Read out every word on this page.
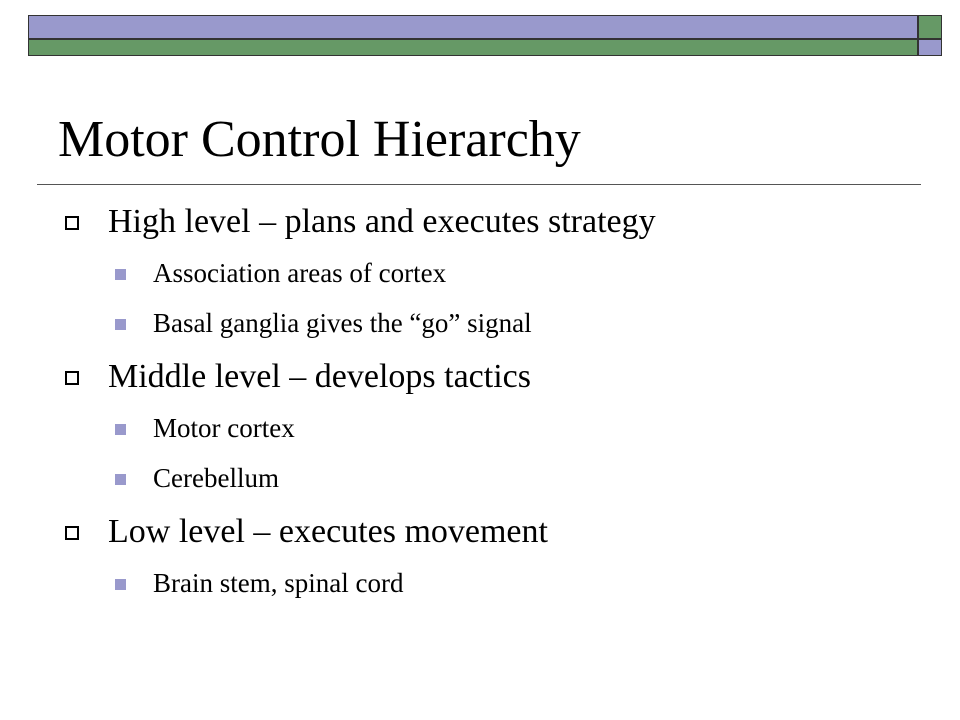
Motor Control Hierarchy
High level – plans and executes strategy
Association areas of cortex
Basal ganglia gives the “go” signal
Middle level – develops tactics
Motor cortex
Cerebellum
Low level – executes movement
Brain stem, spinal cord
